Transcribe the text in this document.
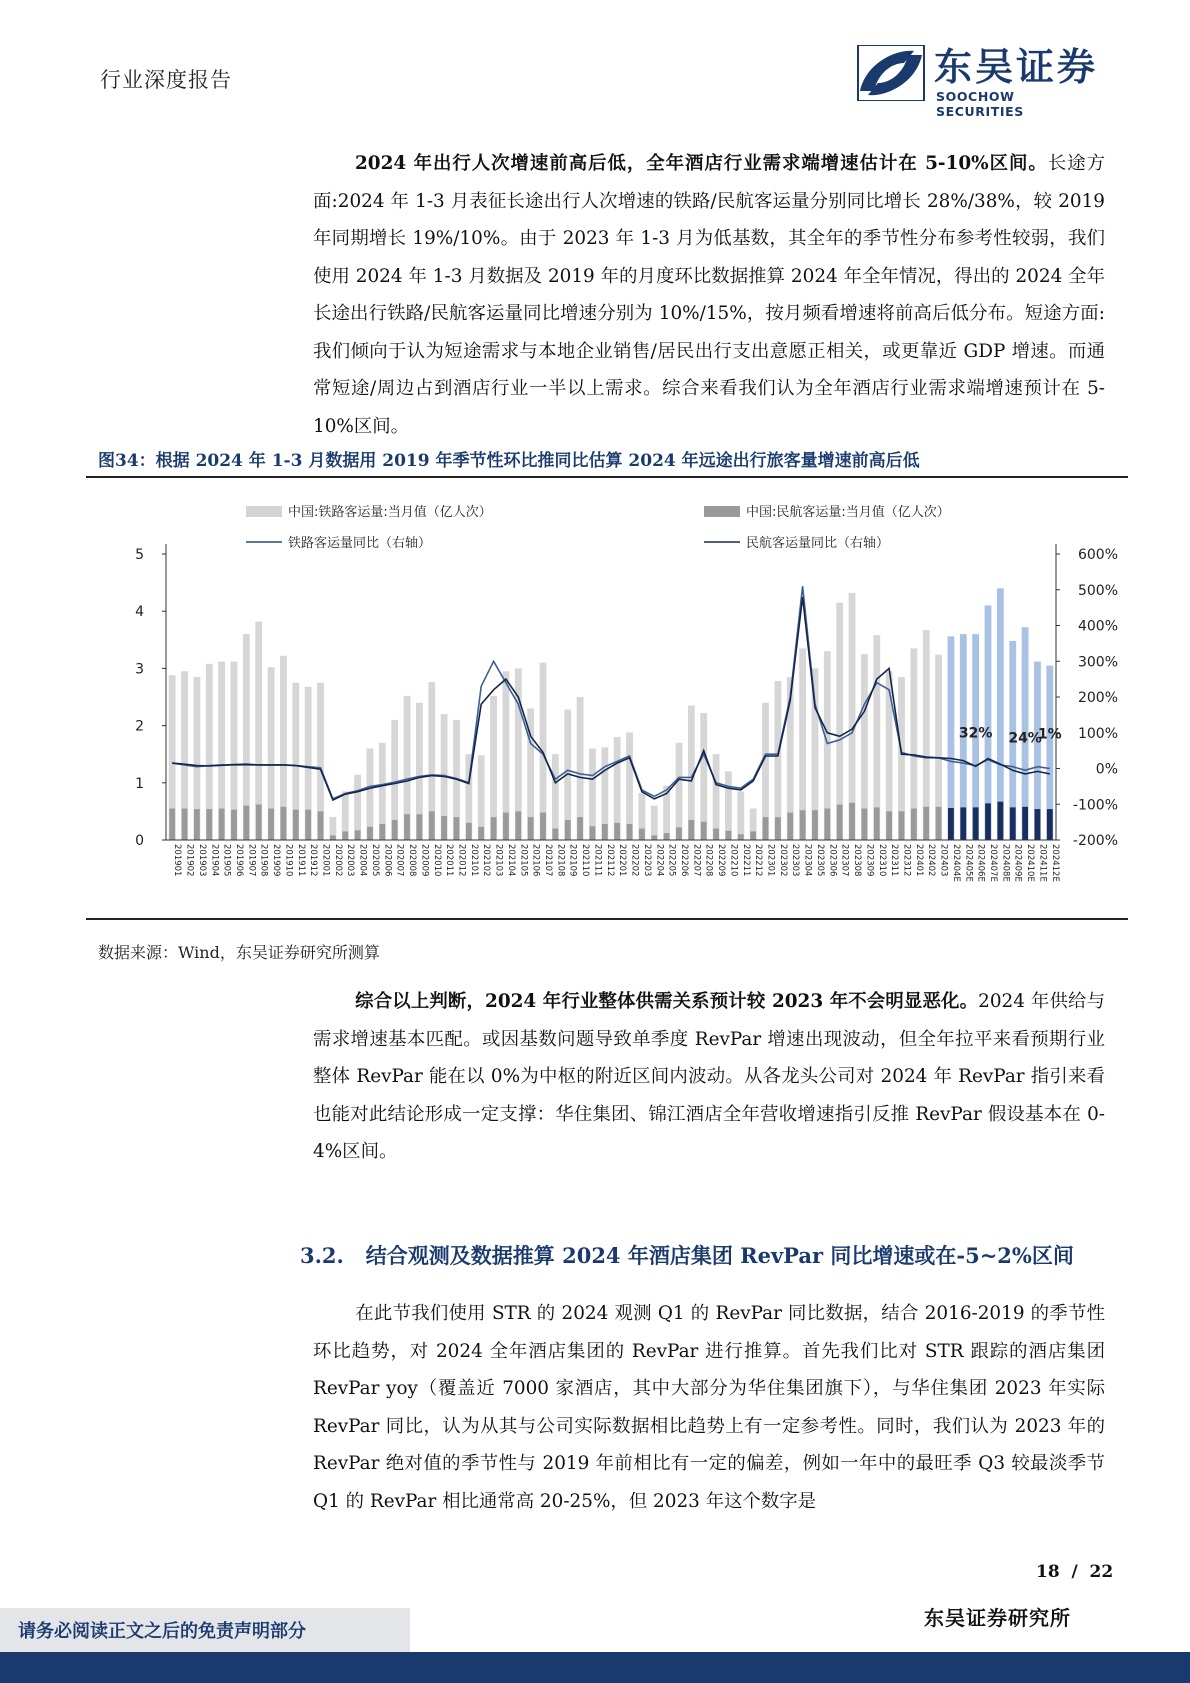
行业深度报告	东吴证券
SOOCHOW SECURITIES
2024 年出行人次增速前高后低，全年酒店行业需求端增速估计在 5-10%区间。长途方面:2024 年 1-3 月表征长途出行人次增速的铁路/民航客运量分别同比增长 28%/38%，较 2019 年同期增长 19%/10%。由于 2023 年 1-3 月为低基数，其全年的季节性分布参考性较弱，我们使用 2024 年 1-3 月数据及 2019 年的月度环比数据推算 2024 年全年情况，得出的 2024 全年长途出行铁路/民航客运量同比增速分别为 10%/15%，按月频看增速将前高后低分布。短途方面: 我们倾向于认为短途需求与本地企业销售/居民出行支出意愿正相关，或更靠近 GDP 增速。而通常短途/周边占到酒店行业一半以上需求。综合来看我们认为全年酒店行业需求端增速预计在 5-10%区间。
图34：根据 2024 年 1-3 月数据用 2019 年季节性环比推同比估算 2024 年远途出行旅客量增速前高后低
中国:铁路客运量:当月值（亿人次）	中国:民航客运量:当月值（亿人次）
铁路客运量同比（右轴）	民航客运量同比（右轴）
0
1
2
3
4
5
-200%
-100%
0%
100%
200%
300%
400%
500%
600%
201901 201902 201903 201904 201905 201906 201907 201908 201909 201910 201911 201912 202001 202002 202003 202004 202005 202006 202007 202008 202009 202010 202011 202012 202101 202102 202103 202104 202105 202106 202107 202108 202109 202110 202111 202112 202201 202202 202203 202204 202205 202206 202207 202208 202209 202210 202211 202212 202301 202302 202303 202304 202305 202306 202307 202308 202309 202310 202311 202312 202401 202402 202403 202404E 202405E 202406E 202407E 202408E 202409E 202410E 202411E 202412E
32% 24%
1%
数据来源：Wind，东吴证券研究所测算
综合以上判断，2024 年行业整体供需关系预计较 2023 年不会明显恶化。2024 年供给与需求增速基本匹配。或因基数问题导致单季度 RevPar 增速出现波动，但全年拉平来看预期行业整体 RevPar 能在以 0%为中枢的附近区间内波动。从各龙头公司对 2024 年 RevPar 指引来看也能对此结论形成一定支撑：华住集团、锦江酒店全年营收增速指引反推 RevPar 假设基本在 0-4%区间。
3.2.   结合观测及数据推算 2024 年酒店集团 RevPar 同比增速或在-5~2%区间
在此节我们使用 STR 的 2024 观测 Q1 的 RevPar 同比数据，结合 2016-2019 的季节性环比趋势，对 2024 全年酒店集团的 RevPar 进行推算。首先我们比对 STR 跟踪的酒店集团 RevPar yoy（覆盖近 7000 家酒店，其中大部分为华住集团旗下），与华住集团 2023 年实际 RevPar 同比，认为从其与公司实际数据相比趋势上有一定参考性。同时，我们认为 2023 年的 RevPar 绝对值的季节性与 2019 年前相比有一定的偏差，例如一年中的最旺季 Q3 较最淡季节 Q1 的 RevPar 相比通常高 20-25%，但 2023 年这个数字是
18  /  22
东吴证券研究所
请务必阅读正文之后的免责声明部分
